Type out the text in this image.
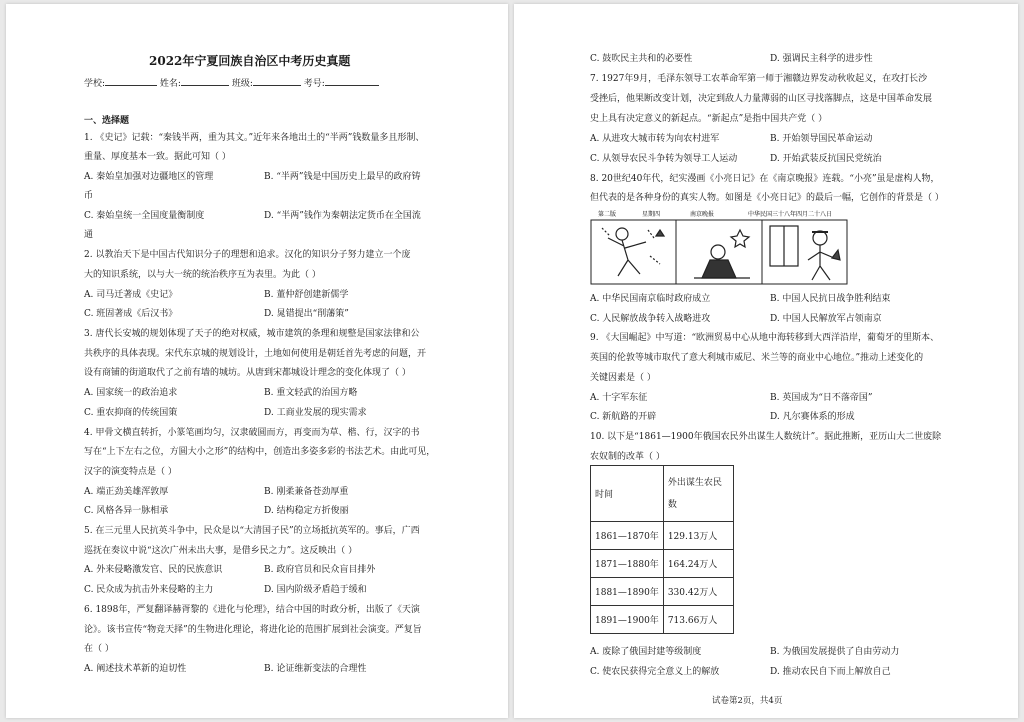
2022年宁夏回族自治区中考历史真题
学校:	姓名:	班级:	考号:
一、选择题
1. 《史记》记载：“秦钱半两，重为其文。”近年来各地出土的“半两”钱数量多且形制、
重量、厚度基本一致。据此可知（ ）
A. 秦始皇加强对边疆地区的管理	B. “半两”钱是中国历史上最早的政府铸
币
C. 秦始皇统一全国度量衡制度	D. “半两”钱作为秦朝法定货币在全国流
通
2. 以教治天下是中国古代知识分子的理想和追求。汉化的知识分子努力建立一个庞
大的知识系统，以与大一统的统治秩序互为表里。为此（ ）
A. 司马迁著成《史记》	B. 董仲舒创建新儒学
C. 班固著成《后汉书》	D. 晁错提出“削藩策”
3. 唐代长安城的规划体现了天子的绝对权威，城市建筑的条理和规整是国家法律和公
共秩序的具体表现。宋代东京城的规划设计，土地如何使用是朝廷首先考虑的问题，开
设有商铺的街道取代了之前有墙的城坊。从唐到宋都城设计理念的变化体现了（ ）
A. 国家统一的政治追求	B. 重文轻武的治国方略
C. 重农抑商的传统国策	D. 工商业发展的现实需求
4. 甲骨文横直转折，小篆笔画均匀，汉隶破圆而方，再变而为草、楷、行，汉字的书
写在“上下左右之位，方圆大小之形”的结构中，创造出多姿多彩的书法艺术。由此可见，
汉字的演变特点是（ ）
A. 端正劲美雄浑敦厚	B. 刚柔兼备苍劲厚重
C. 风格各异一脉相承	D. 结构稳定方折俊丽
5. 在三元里人民抗英斗争中，民众是以“大清国子民”的立场抵抗英军的。事后，广西
巡抚在奏议中说“这次广州未出大事，是借乡民之力”。这反映出（ ）
A. 外来侵略激发官、民的民族意识	B. 政府官员和民众盲目排外
C. 民众成为抗击外来侵略的主力	D. 国内阶级矛盾趋于缓和
6. 1898年，严复翻译赫胥黎的《进化与伦理》，结合中国的时政分析，出版了《天演
论》。该书宣传“物竞天择”的生物进化理论，将进化论的范围扩展到社会演变。严复旨
在（ ）
A. 阐述技术革新的迫切性	B. 论证维新变法的合理性
C. 鼓吹民主共和的必要性	D. 强调民主科学的进步性
7. 1927年9月，毛泽东领导工农革命军第一师于湘赣边界发动秋收起义，在攻打长沙
受挫后，他果断改变计划，决定到敌人力量薄弱的山区寻找落脚点，这是中国革命发展
史上具有决定意义的新起点。“新起点”是指中国共产党（ ）
A. 从进攻大城市转为向农村进军	B. 开始领导国民革命运动
C. 从领导农民斗争转为领导工人运动	D. 开始武装反抗国民党统治
8. 20世纪40年代，纪实漫画《小亮日记》在《南京晚报》连载。“小亮”虽是虚构人物，
但代表的是各种身份的真实人物。如图是《小亮日记》的最后一幅，它创作的背景是（ ）
第二版	星期四	南京晚报	中华民国三十八年四月二十八日
A. 中华民国南京临时政府成立	B. 中国人民抗日战争胜利结束
C. 人民解放战争转入战略进攻	D. 中国人民解放军占领南京
9. 《大国崛起》中写道：“欧洲贸易中心从地中海转移到大西洋沿岸，葡萄牙的里斯本、
英国的伦敦等城市取代了意大利城市威尼、米兰等的商业中心地位。”推动上述变化的
关键因素是（ ）
A. 十字军东征	B. 英国成为“日不落帝国”
C. 新航路的开辟	D. 凡尔赛体系的形成
10. 以下是“1861—1900年俄国农民外出谋生人数统计”。据此推断，亚历山大二世废除
农奴制的改革（ ）
时间	外出谋生农民数
1861—1870年	129.13万人
1871—1880年	164.24万人
1881—1890年	330.42万人
1891—1900年	713.66万人
A. 废除了俄国封建等级制度	B. 为俄国发展提供了自由劳动力
C. 使农民获得完全意义上的解放	D. 推动农民自下而上解放自己
试卷第2页，共4页
